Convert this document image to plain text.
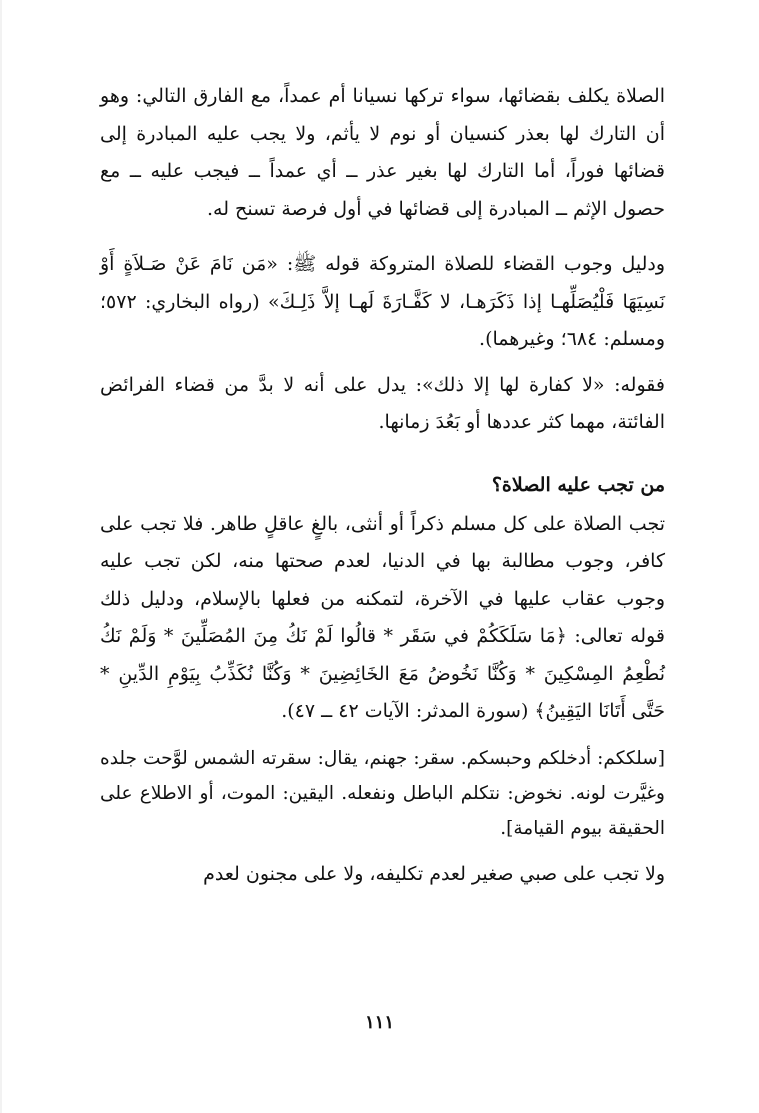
الصلاة يكلف بقضائها، سواء تركها نسيانا أم عمداً، مع الفارق التالي: وهو أن التارك لها بعذر كنسيان أو نوم لا يأثم، ولا يجب عليه المبادرة إلى قضائها فوراً، أما التارك لها بغير عذر ــ أي عمداً ــ فيجب عليه ــ مع حصول الإثم ــ المبادرة إلى قضائها في أول فرصة تسنح له.

ودليل وجوب القضاء للصلاة المتروكة قوله ﷺ: «مَن نَامَ عَنْ صَـلاَةٍ أَوْ نَسِيَهَا فَلْيُصَلِّهـا إذا ذَكَرَهـا، لا كَفَّـارَةَ لَهـا إلاَّ ذَلِـكَ» (رواه البخاري: ٥٧٢؛ ومسلم: ٦٨٤؛ وغيرهما).

فقوله: «لا كفارة لها إلا ذلك»: يدل على أنه لا بدَّ من قضاء الفرائض الفائتة، مهما كثر عددها أو بَعُدَ زمانها.

من تجب عليه الصلاة؟

تجب الصلاة على كل مسلم ذكراً أو أنثى، بالغٍ عاقلٍ طاهر. فلا تجب على كافر، وجوب مطالبة بها في الدنيا، لعدم صحتها منه، لكن تجب عليه وجوب عقاب عليها في الآخرة، لتمكنه من فعلها بالإسلام، ودليل ذلك قوله تعالى: ﴿مَا سَلَكَكُمْ في سَقَر * قالُوا لَمْ نَكُ مِنَ المُصَلِّينَ * وَلَمْ نَكُ نُطْعِمُ المِسْكِينَ * وَكُنَّا نَخُوضُ مَعَ الخَائِضِينَ * وَكُنَّا نُكَذِّبُ بِيَوْمِ الدِّينِ * حَتَّى أَتَانَا اليَقِينُ﴾ (سورة المدثر: الآيات ٤٢ ــ ٤٧).

[سلككم: أدخلكم وحبسكم. سقر: جهنم، يقال: سقرته الشمس لوَّحت جلده وغيَّرت لونه. نخوض: نتكلم الباطل ونفعله. اليقين: الموت، أو الاطلاع على الحقيقة بيوم القيامة].

ولا تجب على صبي صغير لعدم تكليفه، ولا على مجنون لعدم

١١١
